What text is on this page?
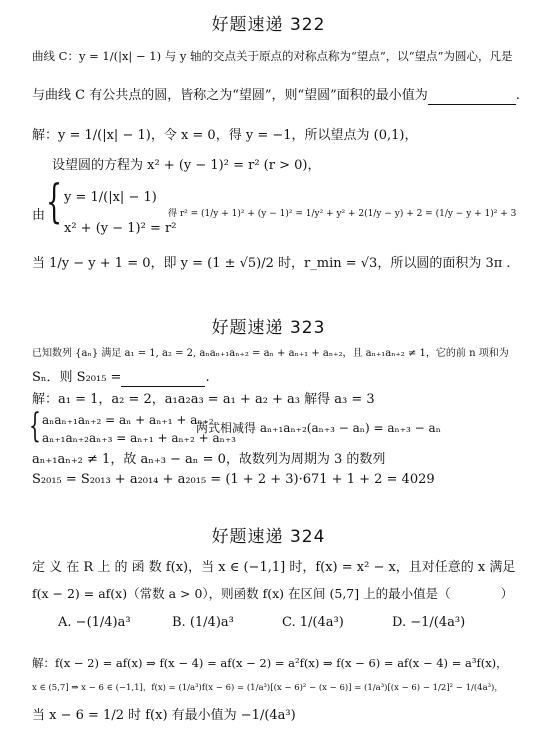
好题速递 322
曲线 C：y = 1/(|x| − 1) 与 y 轴的交点关于原点的对称点称为“望点”，以“望点”为圆心，凡是
与曲线 C 有公共点的圆，皆称之为“望圆”，则“望圆”面积的最小值为	.
解：y = 1/(|x| − 1)，令 x = 0，得 y = −1，所以望点为 (0,1)，
设望圆的方程为 x² + (y − 1)² = r² (r > 0)，
由 { y = 1/(|x| − 1)
x² + (y − 1)² = r²
得 r² = (1/y + 1)² + (y − 1)² = 1/y² + y² + 2(1/y − y) + 2 = (1/y − y + 1)² + 3
当 1/y − y + 1 = 0，即 y = (1 ± √5)/2 时，r_min = √3，所以圆的面积为 3π .
好题速递 323
已知数列 {aₙ} 满足 a₁ = 1, a₂ = 2, aₙaₙ₊₁aₙ₊₂ = aₙ + aₙ₊₁ + aₙ₊₂，且 aₙ₊₁aₙ₊₂ ≠ 1，它的前 n 项和为
Sₙ．则 S₂₀₁₅ =	.
解：a₁ = 1，a₂ = 2，a₁a₂a₃ = a₁ + a₂ + a₃ 解得 a₃ = 3
{ aₙaₙ₊₁aₙ₊₂ = aₙ + aₙ₊₁ + aₙ₊₂
aₙ₊₁aₙ₊₂aₙ₊₃ = aₙ₊₁ + aₙ₊₂ + aₙ₊₃
两式相减得 aₙ₊₁aₙ₊₂(aₙ₊₃ − aₙ) = aₙ₊₃ − aₙ
aₙ₊₁aₙ₊₂ ≠ 1，故 aₙ₊₃ − aₙ = 0，故数列为周期为 3 的数列
S₂₀₁₅ = S₂₀₁₃ + a₂₀₁₄ + a₂₀₁₅ = (1 + 2 + 3)·671 + 1 + 2 = 4029
好题速递 324
定 义 在 R 上 的 函 数 f(x)，当 x ∈ (−1,1] 时，f(x) = x² − x，且对任意的 x 满足
f(x − 2) = af(x)（常数 a > 0），则函数 f(x) 在区间 (5,7] 上的最小值是（　　　　）
A. −(1/4)a³	B. (1/4)a³	C. 1/(4a³)	D. −1/(4a³)
解：f(x − 2) = af(x) ⇒ f(x − 4) = af(x − 2) = a²f(x) ⇒ f(x − 6) = af(x − 4) = a³f(x)，
x ∈ (5,7] ⇒ x − 6 ∈ (−1,1]，f(x) = (1/a³)f(x − 6) = (1/a³)[(x − 6)² − (x − 6)] = (1/a³)[(x − 6) − 1/2]² − 1/(4a³)，
当 x − 6 = 1/2 时 f(x) 有最小值为 −1/(4a³)
